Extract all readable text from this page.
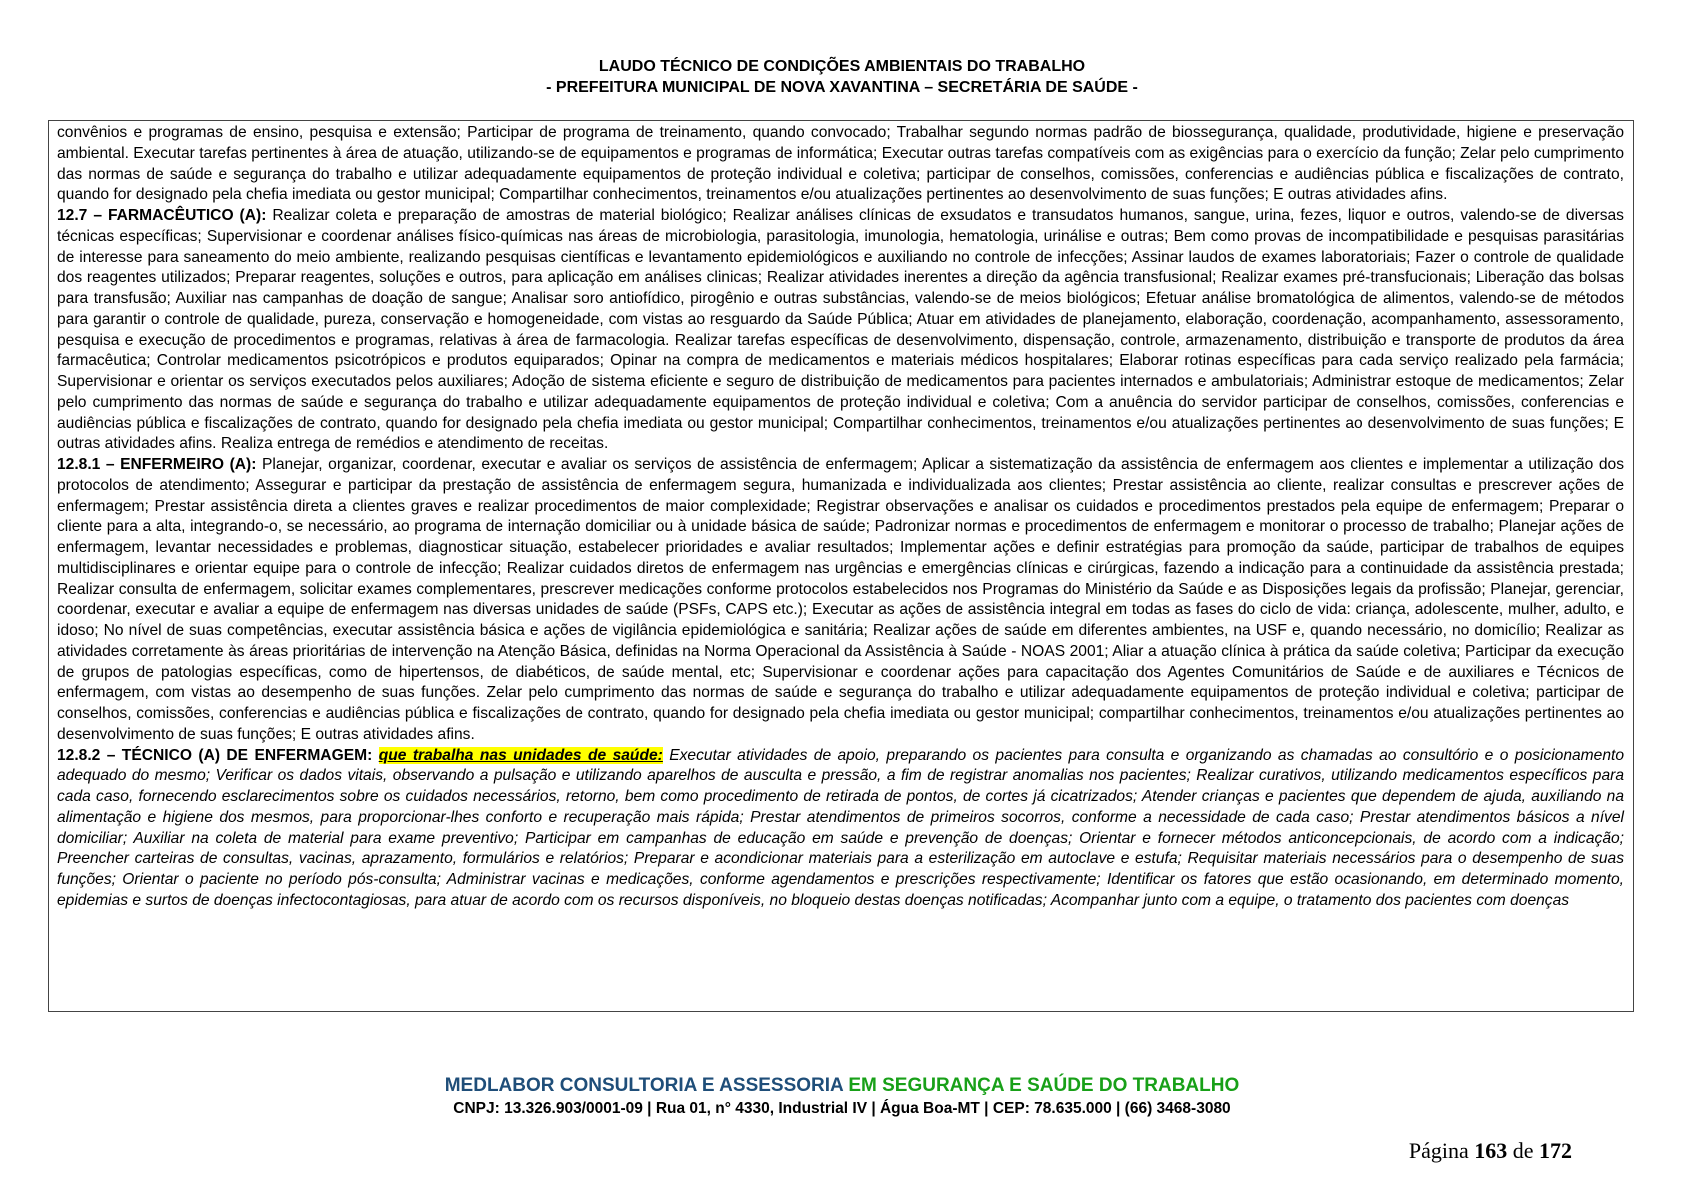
LAUDO TÉCNICO DE CONDIÇÕES AMBIENTAIS DO TRABALHO
- PREFEITURA MUNICIPAL DE NOVA XAVANTINA – SECRETÁRIA DE SAÚDE -

convênios e programas de ensino, pesquisa e extensão; Participar de programa de treinamento, quando convocado; Trabalhar segundo normas padrão de biossegurança, qualidade, produtividade, higiene e preservação ambiental. Executar tarefas pertinentes à área de atuação, utilizando-se de equipamentos e programas de informática; Executar outras tarefas compatíveis com as exigências para o exercício da função; Zelar pelo cumprimento das normas de saúde e segurança do trabalho e utilizar adequadamente equipamentos de proteção individual e coletiva; participar de conselhos, comissões, conferencias e audiências pública e fiscalizações de contrato, quando for designado pela chefia imediata ou gestor municipal; Compartilhar conhecimentos, treinamentos e/ou atualizações pertinentes ao desenvolvimento de suas funções; E outras atividades afins.

12.7 – FARMACÊUTICO (A): Realizar coleta e preparação de amostras de material biológico; Realizar análises clínicas de exsudatos e transudatos humanos, sangue, urina, fezes, liquor e outros, valendo-se de diversas técnicas específicas; Supervisionar e coordenar análises físico-químicas nas áreas de microbiologia, parasitologia, imunologia, hematologia, urinálise e outras; Bem como provas de incompatibilidade e pesquisas parasitárias de interesse para saneamento do meio ambiente, realizando pesquisas científicas e levantamento epidemiológicos e auxiliando no controle de infecções; Assinar laudos de exames laboratoriais; Fazer o controle de qualidade dos reagentes utilizados; Preparar reagentes, soluções e outros, para aplicação em análises clinicas; Realizar atividades inerentes a direção da agência transfusional; Realizar exames pré-transfucionais; Liberação das bolsas para transfusão; Auxiliar nas campanhas de doação de sangue; Analisar soro antiofídico, pirogênio e outras substâncias, valendo-se de meios biológicos; Efetuar análise bromatológica de alimentos, valendo-se de métodos para garantir o controle de qualidade, pureza, conservação e homogeneidade, com vistas ao resguardo da Saúde Pública; Atuar em atividades de planejamento, elaboração, coordenação, acompanhamento, assessoramento, pesquisa e execução de procedimentos e programas, relativas à área de farmacologia. Realizar tarefas específicas de desenvolvimento, dispensação, controle, armazenamento, distribuição e transporte de produtos da área farmacêutica; Controlar medicamentos psicotrópicos e produtos equiparados; Opinar na compra de medicamentos e materiais médicos hospitalares; Elaborar rotinas específicas para cada serviço realizado pela farmácia; Supervisionar e orientar os serviços executados pelos auxiliares; Adoção de sistema eficiente e seguro de distribuição de medicamentos para pacientes internados e ambulatoriais; Administrar estoque de medicamentos; Zelar pelo cumprimento das normas de saúde e segurança do trabalho e utilizar adequadamente equipamentos de proteção individual e coletiva; Com a anuência do servidor participar de conselhos, comissões, conferencias e audiências pública e fiscalizações de contrato, quando for designado pela chefia imediata ou gestor municipal; Compartilhar conhecimentos, treinamentos e/ou atualizações pertinentes ao desenvolvimento de suas funções; E outras atividades afins. Realiza entrega de remédios e atendimento de receitas.

12.8.1 – ENFERMEIRO (A): Planejar, organizar, coordenar, executar e avaliar os serviços de assistência de enfermagem; Aplicar a sistematização da assistência de enfermagem aos clientes e implementar a utilização dos protocolos de atendimento; Assegurar e participar da prestação de assistência de enfermagem segura, humanizada e individualizada aos clientes; Prestar assistência ao cliente, realizar consultas e prescrever ações de enfermagem; Prestar assistência direta a clientes graves e realizar procedimentos de maior complexidade; Registrar observações e analisar os cuidados e procedimentos prestados pela equipe de enfermagem; Preparar o cliente para a alta, integrando-o, se necessário, ao programa de internação domiciliar ou à unidade básica de saúde; Padronizar normas e procedimentos de enfermagem e monitorar o processo de trabalho; Planejar ações de enfermagem, levantar necessidades e problemas, diagnosticar situação, estabelecer prioridades e avaliar resultados; Implementar ações e definir estratégias para promoção da saúde, participar de trabalhos de equipes multidisciplinares e orientar equipe para o controle de infecção; Realizar cuidados diretos de enfermagem nas urgências e emergências clínicas e cirúrgicas, fazendo a indicação para a continuidade da assistência prestada; Realizar consulta de enfermagem, solicitar exames complementares, prescrever medicações conforme protocolos estabelecidos nos Programas do Ministério da Saúde e as Disposições legais da profissão; Planejar, gerenciar, coordenar, executar e avaliar a equipe de enfermagem nas diversas unidades de saúde (PSFs, CAPS etc.); Executar as ações de assistência integral em todas as fases do ciclo de vida: criança, adolescente, mulher, adulto, e idoso; No nível de suas competências, executar assistência básica e ações de vigilância epidemiológica e sanitária; Realizar ações de saúde em diferentes ambientes, na USF e, quando necessário, no domicílio; Realizar as atividades corretamente às áreas prioritárias de intervenção na Atenção Básica, definidas na Norma Operacional da Assistência à Saúde - NOAS 2001; Aliar a atuação clínica à prática da saúde coletiva; Participar da execução de grupos de patologias específicas, como de hipertensos, de diabéticos, de saúde mental, etc; Supervisionar e coordenar ações para capacitação dos Agentes Comunitários de Saúde e de auxiliares e Técnicos de enfermagem, com vistas ao desempenho de suas funções. Zelar pelo cumprimento das normas de saúde e segurança do trabalho e utilizar adequadamente equipamentos de proteção individual e coletiva; participar de conselhos, comissões, conferencias e audiências pública e fiscalizações de contrato, quando for designado pela chefia imediata ou gestor municipal; compartilhar conhecimentos, treinamentos e/ou atualizações pertinentes ao desenvolvimento de suas funções; E outras atividades afins.

12.8.2 – TÉCNICO (A) DE ENFERMAGEM: que trabalha nas unidades de saúde: Executar atividades de apoio, preparando os pacientes para consulta e organizando as chamadas ao consultório e o posicionamento adequado do mesmo; Verificar os dados vitais, observando a pulsação e utilizando aparelhos de ausculta e pressão, a fim de registrar anomalias nos pacientes; Realizar curativos, utilizando medicamentos específicos para cada caso, fornecendo esclarecimentos sobre os cuidados necessários, retorno, bem como procedimento de retirada de pontos, de cortes já cicatrizados; Atender crianças e pacientes que dependem de ajuda, auxiliando na alimentação e higiene dos mesmos, para proporcionar-lhes conforto e recuperação mais rápida; Prestar atendimentos de primeiros socorros, conforme a necessidade de cada caso; Prestar atendimentos básicos a nível domiciliar; Auxiliar na coleta de material para exame preventivo; Participar em campanhas de educação em saúde e prevenção de doenças; Orientar e fornecer métodos anticoncepcionais, de acordo com a indicação; Preencher carteiras de consultas, vacinas, aprazamento, formulários e relatórios; Preparar e acondicionar materiais para a esterilização em autoclave e estufa; Requisitar materiais necessários para o desempenho de suas funções; Orientar o paciente no período pós-consulta; Administrar vacinas e medicações, conforme agendamentos e prescrições respectivamente; Identificar os fatores que estão ocasionando, em determinado momento, epidemias e surtos de doenças infectocontagiosas, para atuar de acordo com os recursos disponíveis, no bloqueio destas doenças notificadas; Acompanhar junto com a equipe, o tratamento dos pacientes com doenças

MEDLABOR CONSULTORIA E ASSESSORIA EM SEGURANÇA E SAÚDE DO TRABALHO
CNPJ: 13.326.903/0001-09 | Rua 01, n° 4330, Industrial IV | Água Boa-MT | CEP: 78.635.000 | (66) 3468-3080
Página 163 de 172
